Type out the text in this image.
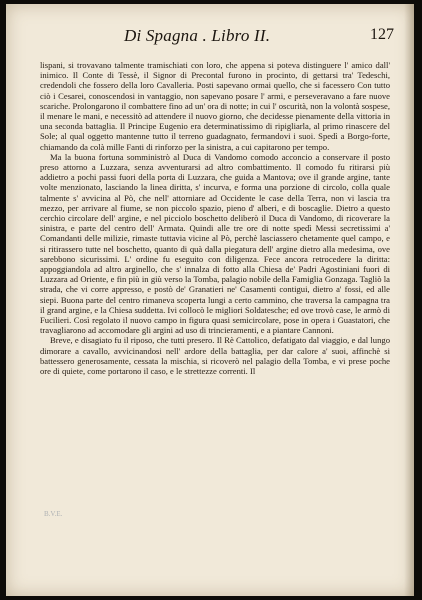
Di Spagna . Libro II.	127

lispani, si trovavano talmente tramischiati con loro, che appena si poteva distinguere l' amico dall' inimico. Il Conte di Tessè, il Signor di Precontal furono in procinto, di gettarsi tra' Tedeschi, credendoli che fossero della loro Cavalleria. Posti sapevano ormai quello, che si facessero Con tutto ciò i Cesarei, conoscendosi in vantaggio, non sapevano posare l' armi, e perseveravano a fare nuove scariche. Prolongarono il combattere fino ad un' ora di notte; in cui l' oscurità, non la volontà sospese, il menare le mani, e necessitò ad attendere il nuovo giorno, che decidesse pienamente della vittoria in una seconda battaglia. Il Principe Eugenio era determinatissimo di ripigliarla, al primo rinascere del Sole; al qual oggetto mantenne tutto il terreno guadagnato, fermandovi i suoi. Spedì a Borgo-forte, chiamando da colà mille Fanti di rinforzo per la sinistra, a cui capitarono per tempo.

Ma la buona fortuna somministrò al Duca di Vandomo comodo acconcio a conservare il posto preso attorno a Luzzara, senza avventurarsi ad altro combattimento. Il comodo fu ritirarsi più addietro a pochi passi fuori della porta di Luzzara, che guida a Mantova; ove il grande argine, tante volte menzionato, lasciando la linea diritta, s' incurva, e forma una porzione di circolo, colla quale talmente s' avvicina al Pò, che nell' attorniare ad Occidente le case della Terra, non vi lascia tra mezzo, per arrivare al fiume, se non piccolo spazio, pieno d' alberi, e di boscaglie. Dietro a questo cerchio circolare dell' argine, e nel picciolo boschetto deliberò il Duca di Vandomo, di ricoverare la sinistra, e parte del centro dell' Armata. Quindi alle tre ore di notte spedì Messi secretissimi a' Comandanti delle milizie, rimaste tuttavia vicine al Pò, perchè lasciassero chetamente quel campo, e si ritirassero tutte nel boschetto, quanto di quà dalla piegatura dell' argine dietro alla medesima, ove sarebbono sicurissimi. L' ordine fu eseguito con diligenza. Fece ancora retrocedere la diritta: appoggiandola ad altro arginello, che s' innalza di fotto alla Chiesa de' Padri Agostiniani fuori di Luzzara ad Oriente, e fin più in giù verso la Tomba, palagio nobile della Famiglia Gonzaga. Tagliò la strada, che vi corre appresso, e postò de' Granatieri ne' Casamenti contigui, dietro a' fossi, ed alle siepi. Buona parte del centro rimaneva scoperta lungi a certo cammino, che traversa la campagna tra il grand argine, e la Chiesa suddetta. Ivi collocò le migliori Soldatesche; ed ove trovò case, le armò di Fucilieri. Così regolato il nuovo campo in figura quasi semicircolare, pose in opera i Guastatori, che travagliarono ad accomodare gli argini ad uso di trincieramenti, e a piantare Cannoni.

Breve, e disagiato fu il riposo, che tutti presero. Il Rè Cattolico, defatigato dal viaggio, e dal lungo dimorare a cavallo, avvicinandosi nell' ardore della battaglia, per dar calore a' suoi, affinchè si battessero generosamente, cessata la mischia, si ricoverò nel palagio della Tomba, e vi prese poche ore di quiete, come portarono il caso, e le strettezze correnti. Il

B.V.E.
